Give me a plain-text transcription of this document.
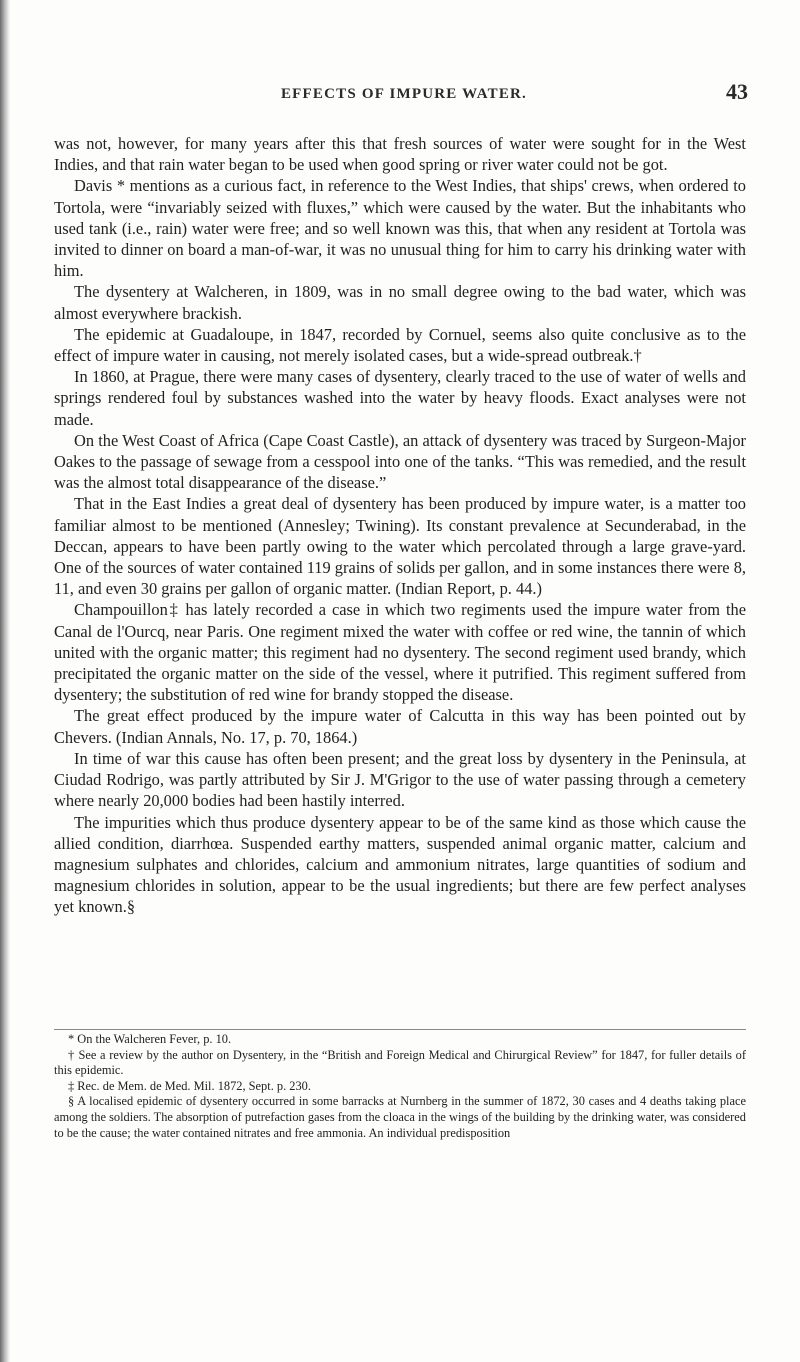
EFFECTS OF IMPURE WATER.	43

was not, however, for many years after this that fresh sources of water were sought for in the West Indies, and that rain water began to be used when good spring or river water could not be got.

Davis * mentions as a curious fact, in reference to the West Indies, that ships' crews, when ordered to Tortola, were “invariably seized with fluxes,” which were caused by the water. But the inhabitants who used tank (i.e., rain) water were free; and so well known was this, that when any resident at Tortola was invited to dinner on board a man-of-war, it was no unusual thing for him to carry his drinking water with him.

The dysentery at Walcheren, in 1809, was in no small degree owing to the bad water, which was almost everywhere brackish.

The epidemic at Guadaloupe, in 1847, recorded by Cornuel, seems also quite conclusive as to the effect of impure water in causing, not merely isolated cases, but a wide-spread outbreak.†

In 1860, at Prague, there were many cases of dysentery, clearly traced to the use of water of wells and springs rendered foul by substances washed into the water by heavy floods. Exact analyses were not made.

On the West Coast of Africa (Cape Coast Castle), an attack of dysentery was traced by Surgeon-Major Oakes to the passage of sewage from a cesspool into one of the tanks. “This was remedied, and the result was the almost total disappearance of the disease.”

That in the East Indies a great deal of dysentery has been produced by impure water, is a matter too familiar almost to be mentioned (Annesley; Twining). Its constant prevalence at Secunderabad, in the Deccan, appears to have been partly owing to the water which percolated through a large grave-yard. One of the sources of water contained 119 grains of solids per gallon, and in some instances there were 8, 11, and even 30 grains per gallon of organic matter. (Indian Report, p. 44.)

Champouillon‡ has lately recorded a case in which two regiments used the impure water from the Canal de l'Ourcq, near Paris. One regiment mixed the water with coffee or red wine, the tannin of which united with the organic matter; this regiment had no dysentery. The second regiment used brandy, which precipitated the organic matter on the side of the vessel, where it putrified. This regiment suffered from dysentery; the substitution of red wine for brandy stopped the disease.

The great effect produced by the impure water of Calcutta in this way has been pointed out by Chevers. (Indian Annals, No. 17, p. 70, 1864.)

In time of war this cause has often been present; and the great loss by dysentery in the Peninsula, at Ciudad Rodrigo, was partly attributed by Sir J. M'Grigor to the use of water passing through a cemetery where nearly 20,000 bodies had been hastily interred.

The impurities which thus produce dysentery appear to be of the same kind as those which cause the allied condition, diarrhœa. Suspended earthy matters, suspended animal organic matter, calcium and magnesium sulphates and chlorides, calcium and ammonium nitrates, large quantities of sodium and magnesium chlorides in solution, appear to be the usual ingredients; but there are few perfect analyses yet known.§

* On the Walcheren Fever, p. 10.

† See a review by the author on Dysentery, in the “British and Foreign Medical and Chirurgical Review” for 1847, for fuller details of this epidemic.

‡ Rec. de Mem. de Med. Mil. 1872, Sept. p. 230.

§ A localised epidemic of dysentery occurred in some barracks at Nurnberg in the summer of 1872, 30 cases and 4 deaths taking place among the soldiers. The absorption of putrefaction gases from the cloaca in the wings of the building by the drinking water, was considered to be the cause; the water contained nitrates and free ammonia. An individual predisposition
